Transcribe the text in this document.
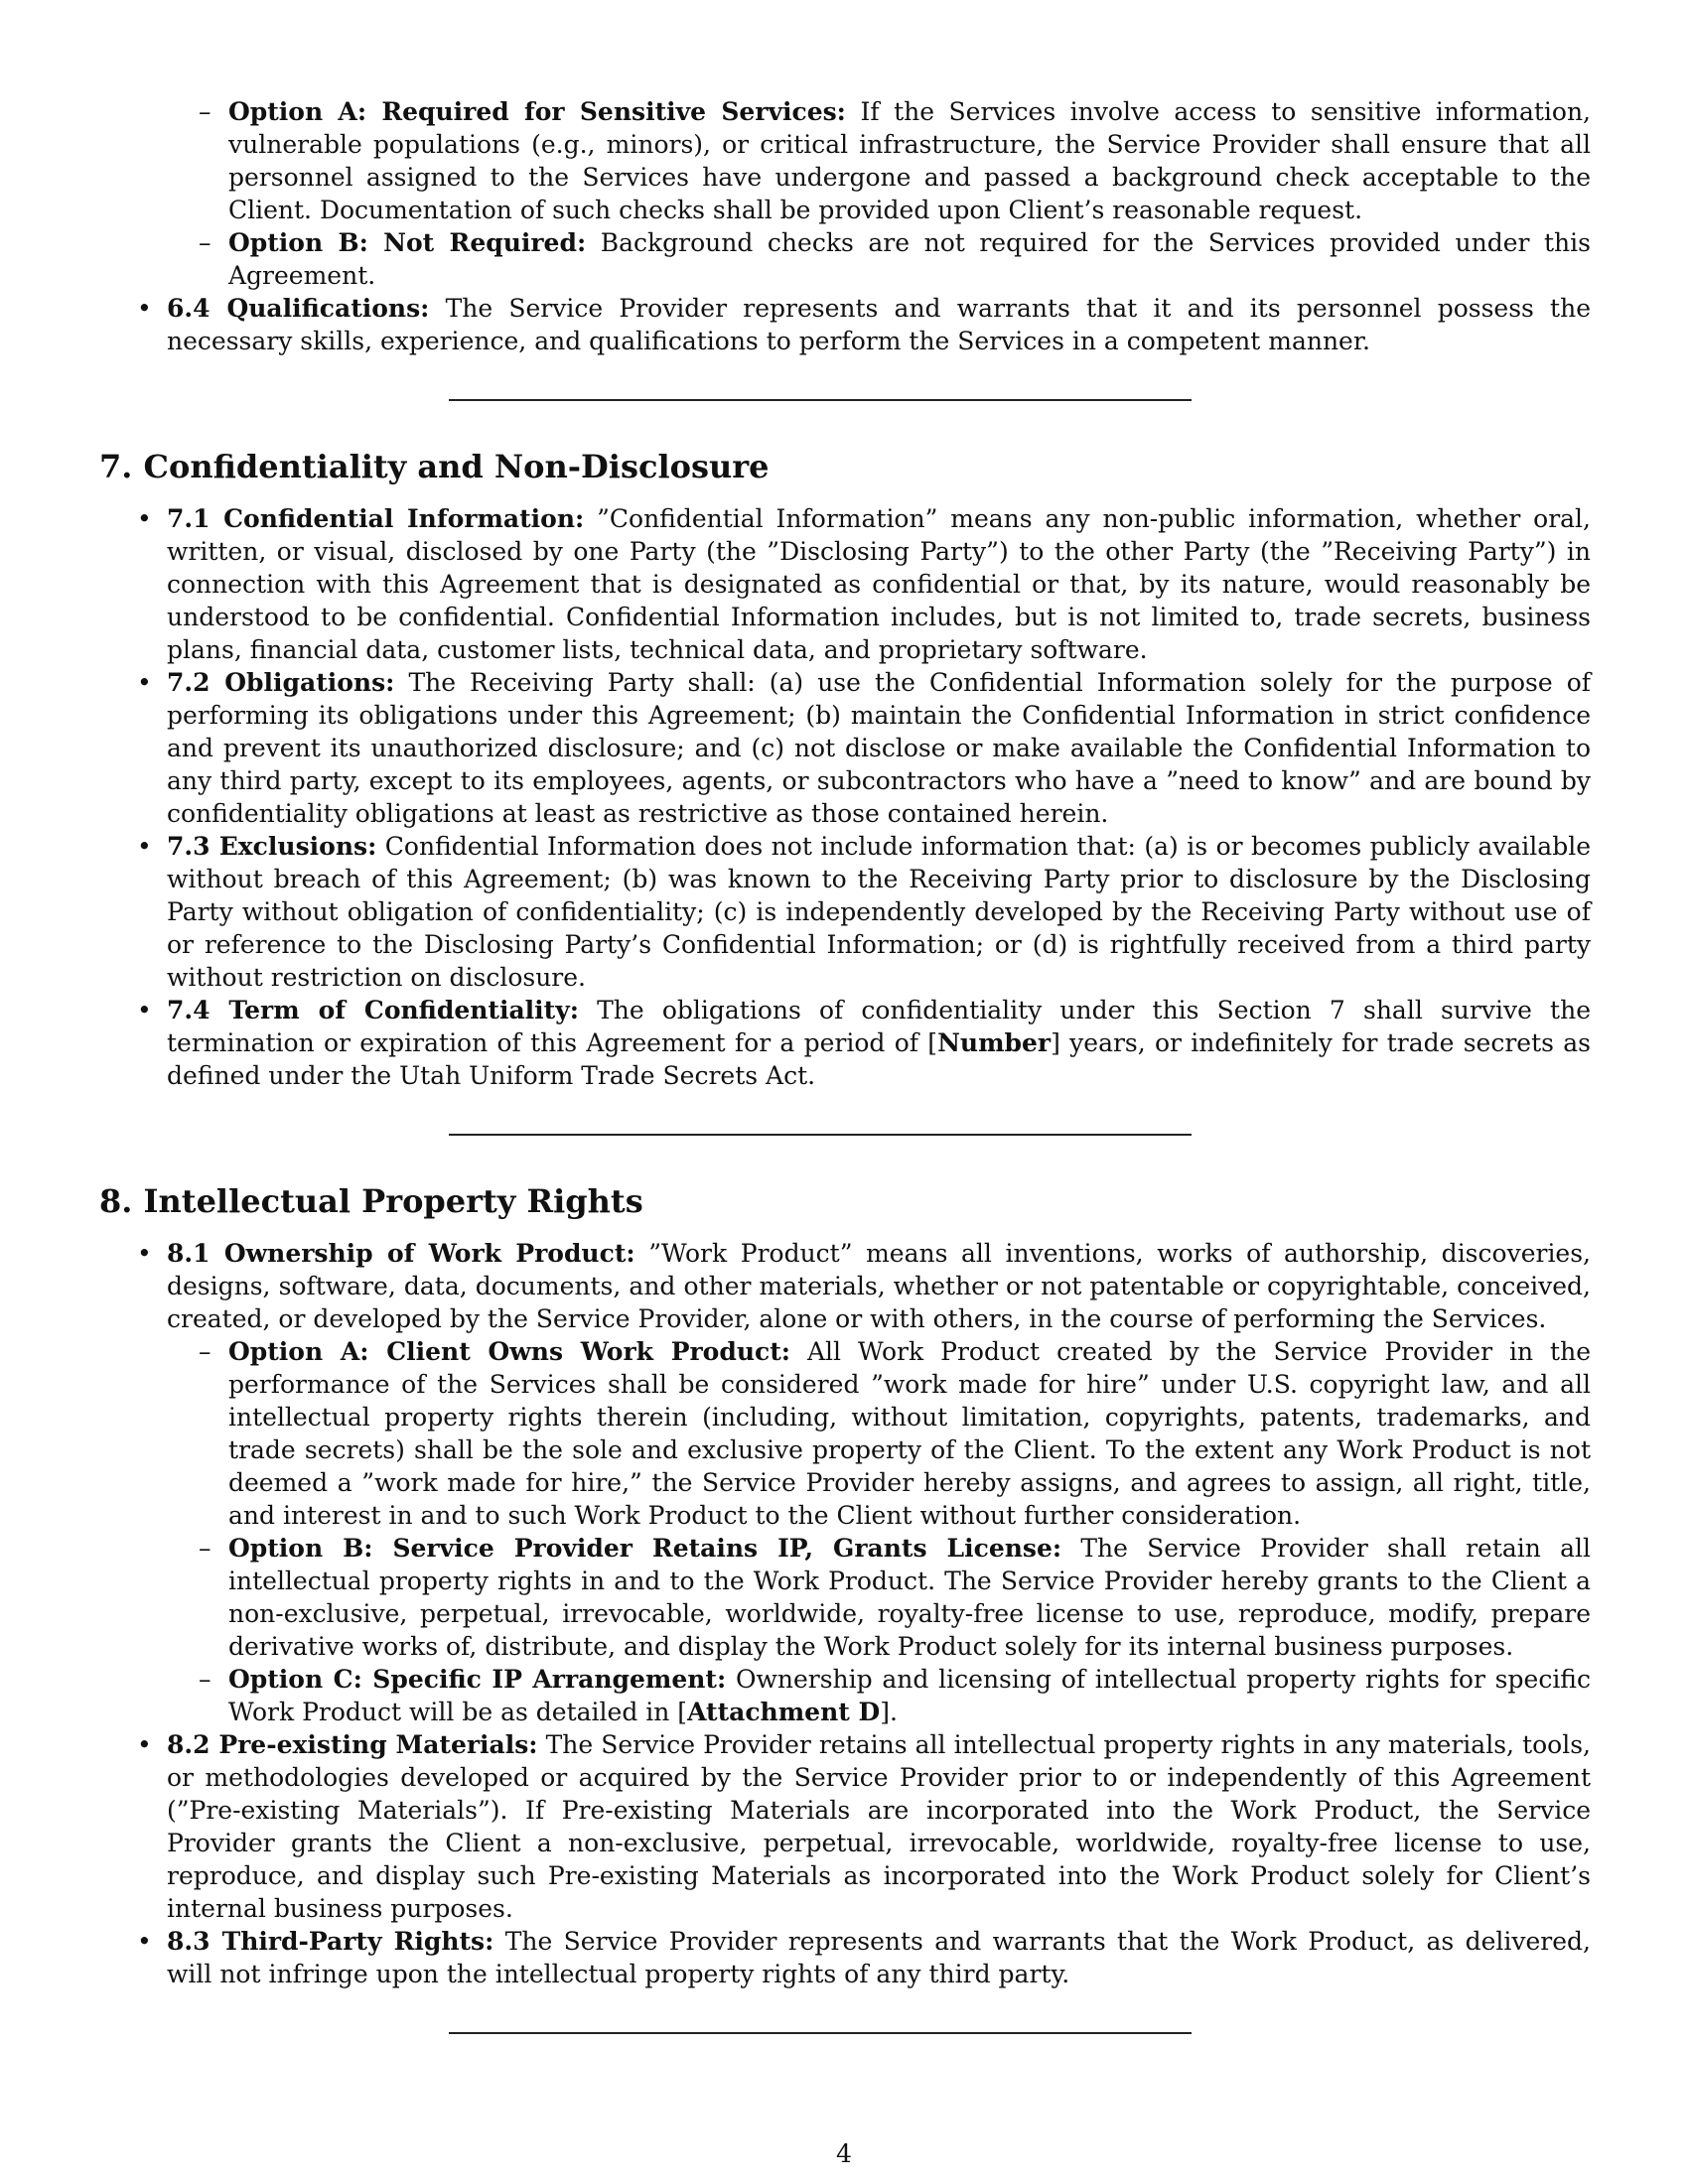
– Option A: Required for Sensitive Services: If the Services involve access to sensitive information, vulnerable populations (e.g., minors), or critical infrastructure, the Service Provider shall ensure that all personnel assigned to the Services have undergone and passed a background check acceptable to the Client. Documentation of such checks shall be provided upon Client’s reasonable request.
– Option B: Not Required: Background checks are not required for the Services provided under this Agreement.
• 6.4 Qualifications: The Service Provider represents and warrants that it and its personnel possess the necessary skills, experience, and qualifications to perform the Services in a competent manner.
7. Confidentiality and Non-Disclosure
• 7.1 Confidential Information: ”Confidential Information” means any non-public information, whether oral, written, or visual, disclosed by one Party (the ”Disclosing Party”) to the other Party (the ”Receiving Party”) in connection with this Agreement that is designated as confidential or that, by its nature, would reasonably be understood to be confidential. Confidential Information includes, but is not limited to, trade secrets, business plans, financial data, customer lists, technical data, and proprietary software.
• 7.2 Obligations: The Receiving Party shall: (a) use the Confidential Information solely for the purpose of performing its obligations under this Agreement; (b) maintain the Confidential Information in strict confidence and prevent its unauthorized disclosure; and (c) not disclose or make available the Confidential Information to any third party, except to its employees, agents, or subcontractors who have a ”need to know” and are bound by confidentiality obligations at least as restrictive as those contained herein.
• 7.3 Exclusions: Confidential Information does not include information that: (a) is or becomes publicly available without breach of this Agreement; (b) was known to the Receiving Party prior to disclosure by the Disclosing Party without obligation of confidentiality; (c) is independently developed by the Receiving Party without use of or reference to the Disclosing Party’s Confidential Information; or (d) is rightfully received from a third party without restriction on disclosure.
• 7.4 Term of Confidentiality: The obligations of confidentiality under this Section 7 shall survive the termination or expiration of this Agreement for a period of [Number] years, or indefinitely for trade secrets as defined under the Utah Uniform Trade Secrets Act.
8. Intellectual Property Rights
• 8.1 Ownership of Work Product: ”Work Product” means all inventions, works of authorship, discoveries, designs, software, data, documents, and other materials, whether or not patentable or copyrightable, conceived, created, or developed by the Service Provider, alone or with others, in the course of performing the Services.
– Option A: Client Owns Work Product: All Work Product created by the Service Provider in the performance of the Services shall be considered ”work made for hire” under U.S. copyright law, and all intellectual property rights therein (including, without limitation, copyrights, patents, trademarks, and trade secrets) shall be the sole and exclusive property of the Client. To the extent any Work Product is not deemed a ”work made for hire,” the Service Provider hereby assigns, and agrees to assign, all right, title, and interest in and to such Work Product to the Client without further consideration.
– Option B: Service Provider Retains IP, Grants License: The Service Provider shall retain all intellectual property rights in and to the Work Product. The Service Provider hereby grants to the Client a non-exclusive, perpetual, irrevocable, worldwide, royalty-free license to use, reproduce, modify, prepare derivative works of, distribute, and display the Work Product solely for its internal business purposes.
– Option C: Specific IP Arrangement: Ownership and licensing of intellectual property rights for specific Work Product will be as detailed in [Attachment D].
• 8.2 Pre-existing Materials: The Service Provider retains all intellectual property rights in any materials, tools, or methodologies developed or acquired by the Service Provider prior to or independently of this Agreement (”Pre-existing Materials”). If Pre-existing Materials are incorporated into the Work Product, the Service Provider grants the Client a non-exclusive, perpetual, irrevocable, worldwide, royalty-free license to use, reproduce, and display such Pre-existing Materials as incorporated into the Work Product solely for Client’s internal business purposes.
• 8.3 Third-Party Rights: The Service Provider represents and warrants that the Work Product, as delivered, will not infringe upon the intellectual property rights of any third party.
4
